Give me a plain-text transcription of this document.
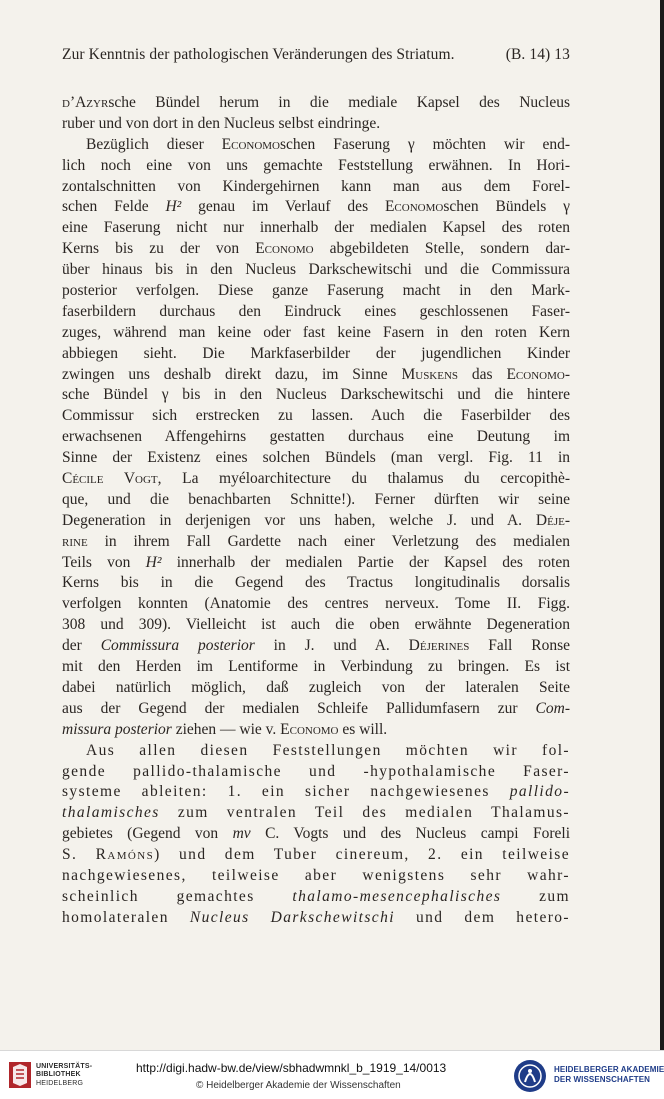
Zur Kenntnis der pathologischen Veränderungen des Striatum.	(B. 14) 13
d’Azyrsche Bündel herum in die mediale Kapsel des Nucleus
ruber und von dort in den Nucleus selbst eindringe.
Bezüglich dieser Economoschen Faserung γ möchten wir end-
lich noch eine von uns gemachte Feststellung erwähnen. In Hori-
zontalschnitten von Kindergehirnen kann man aus dem Forel-
schen Felde H² genau im Verlauf des Economoschen Bündels γ
eine Faserung nicht nur innerhalb der medialen Kapsel des roten
Kerns bis zu der von Economo abgebildeten Stelle, sondern dar-
über hinaus bis in den Nucleus Darkschewitschi und die Commissura
posterior verfolgen. Diese ganze Faserung macht in den Mark-
faserbildern durchaus den Eindruck eines geschlossenen Faser-
zuges, während man keine oder fast keine Fasern in den roten Kern
abbiegen sieht. Die Markfaserbilder der jugendlichen Kinder
zwingen uns deshalb direkt dazu, im Sinne Muskens das Economo-
sche Bündel γ bis in den Nucleus Darkschewitschi und die hintere
Commissur sich erstrecken zu lassen. Auch die Faserbilder des
erwachsenen Affengehirns gestatten durchaus eine Deutung im
Sinne der Existenz eines solchen Bündels (man vergl. Fig. 11 in
Cécile Vogt, La myéloarchitecture du thalamus du cercopithè-
que, und die benachbarten Schnitte!). Ferner dürften wir seine
Degeneration in derjenigen vor uns haben, welche J. und A. Déje-
rine in ihrem Fall Gardette nach einer Verletzung des medialen
Teils von H² innerhalb der medialen Partie der Kapsel des roten
Kerns bis in die Gegend des Tractus longitudinalis dorsalis
verfolgen konnten (Anatomie des centres nerveux. Tome II. Figg.
308 und 309). Vielleicht ist auch die oben erwähnte Degeneration
der Commissura posterior in J. und A. Déjerines Fall Ronse
mit den Herden im Lentiforme in Verbindung zu bringen. Es ist
dabei natürlich möglich, daß zugleich von der lateralen Seite
aus der Gegend der medialen Schleife Pallidumfasern zur Com-
missura posterior ziehen — wie v. Economo es will.
Aus allen diesen Feststellungen möchten wir fol-
gende pallido-thalamische und -hypothalamische Faser-
systeme ableiten: 1. ein sicher nachgewiesenes pallido-
thalamisches zum ventralen Teil des medialen Thalamus-
gebietes (Gegend von mv C. Vogts und des Nucleus campi Foreli
S. Ramóns) und dem Tuber cinereum, 2. ein teilweise
nachgewiesenes, teilweise aber wenigstens sehr wahr-
scheinlich gemachtes thalamo-mesencephalisches zum
homolateralen Nucleus Darkschewitschi und dem hetero-
UNIVERSITÄTS-
BIBLIOTHEK
HEIDELBERG
http://digi.hadw-bw.de/view/sbhadwmnkl_b_1919_14/0013
© Heidelberger Akademie der Wissenschaften
HEIDELBERGER AKADEMIE
DER WISSENSCHAFTEN
